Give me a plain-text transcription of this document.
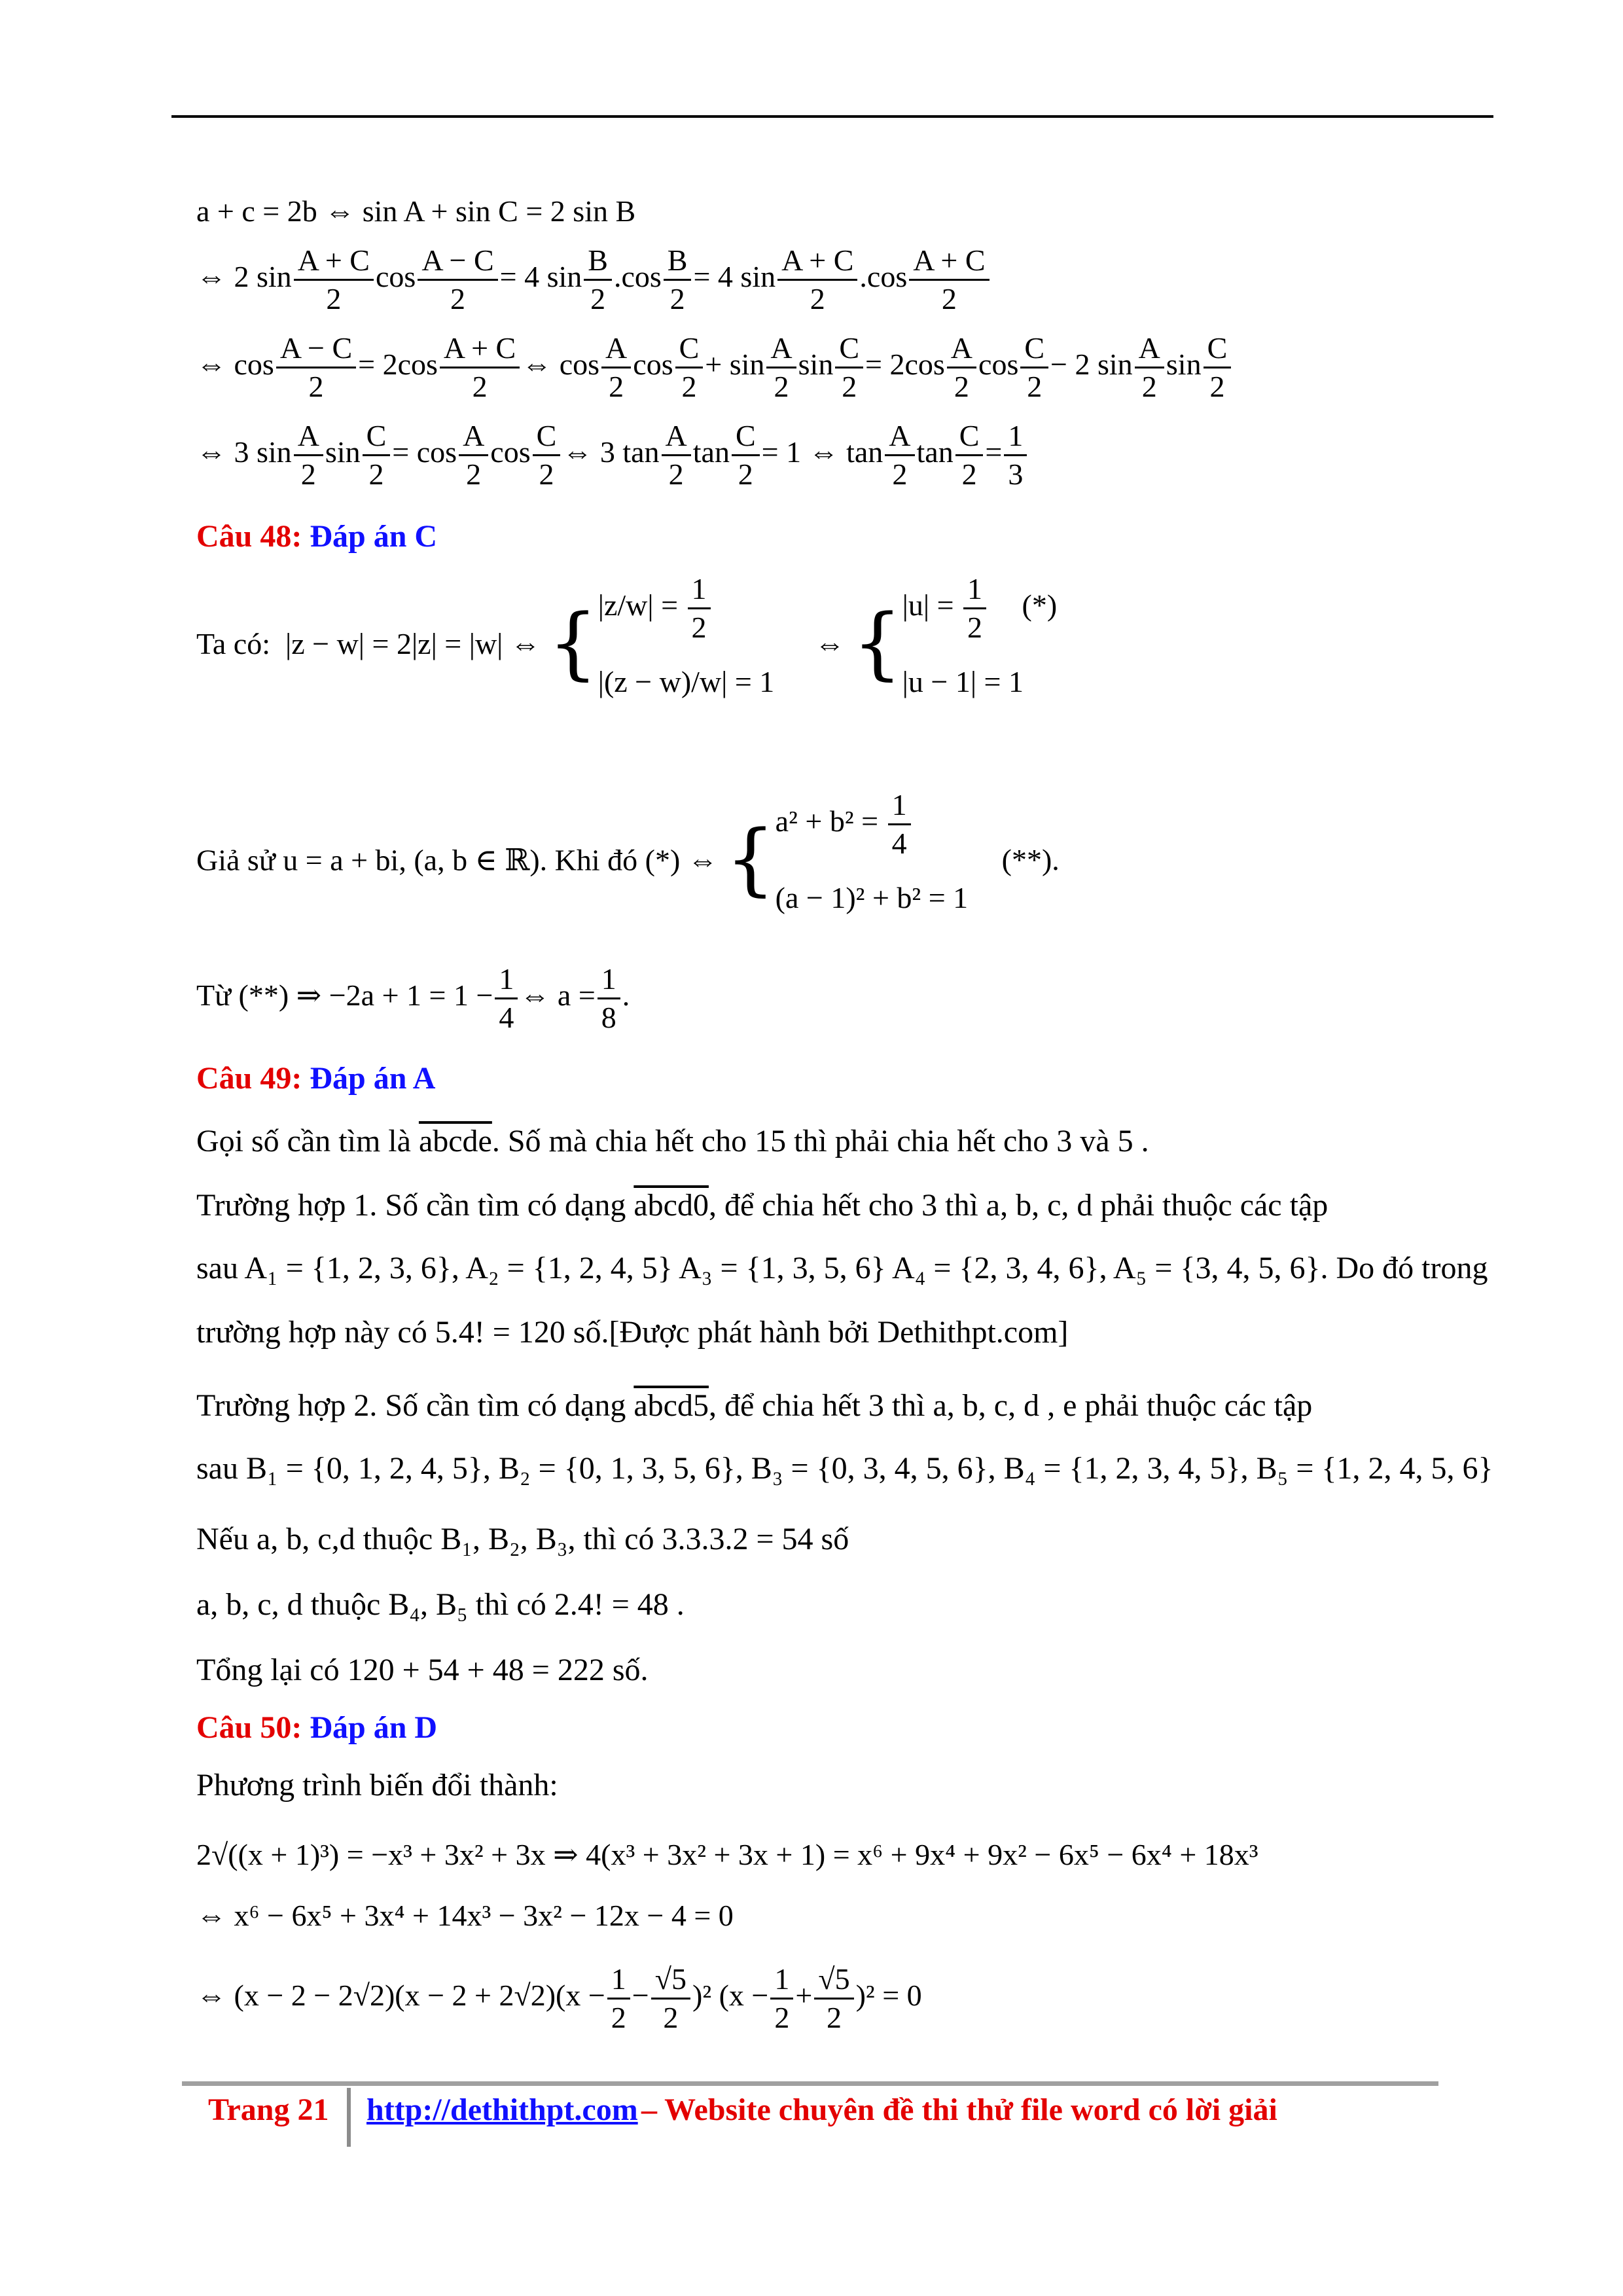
a + c = 2b ⇔ sin A + sin C = 2 sin B
⇔ 2 $\sin \frac{A + C}{2}$ $\cos \frac{A - C}{2} = 4$ $\sin \frac{B}{2} .\cos \frac{B}{2} = 4$ $\sin \frac{A + C}{2} .\cos \frac{A + C}{2}$
⇔ $\cos \frac{A - C}{2} = 2\cos \frac{A + C}{2}$ ⇔ $\cos \frac{A}{2}$ $\cos \frac{C}{2} + \sin \frac{A}{2}$ $\sin \frac{C}{2} = 2\cos \frac{A}{2}$ $\cos \frac{C}{2} - 2$ $\sin \frac{A}{2}$ $\sin \frac{C}{2}$
⇔ 3 $\sin \frac{A}{2}$ $\sin \frac{C}{2} = \cos \frac{A}{2}$ $\cos \frac{C}{2}$ ⇔ 3 $\tan \frac{A}{2}$ $\tan \frac{C}{2} = 1$ ⇔ $\tan \frac{A}{2}$ $\tan \frac{C}{2} = \frac{1}{3}$
Câu 48: Đáp án C
Ta có: |z − w| = 2|z| = |w| ⇔ { $|z/w| = \frac{1}{2}$
|(z − w)/w| = 1
⇔ { $|u| = \frac{1}{2}$ (*)
|u − 1| = 1
Giả sử u = a + bi, (a, b ∈ ℝ). Khi đó (*) ⇔ { $a^2 + b^2 = \frac{1}{4}$
(a − 1)² + b² = 1
(**).
Từ (**) ⇒ $-2a + 1 = 1 - \frac{1}{4}$ ⇔ $a = \frac{1}{8}$ .
Câu 49: Đáp án A
Gọi số cần tìm là abcde. Số mà chia hết cho 15 thì phải chia hết cho 3 và 5 .
Trường hợp 1. Số cần tìm có dạng abcd0, để chia hết cho 3 thì a, b, c, d phải thuộc các tập
sau A₁ = {1, 2, 3, 6}, A₂ = {1, 2, 4, 5} A₃ = {1, 3, 5, 6} A₄ = {2, 3, 4, 6}, A₅ = {3, 4, 5, 6}. Do đó trong
trường hợp này có 5.4! = 120 số.[Được phát hành bởi Dethithpt.com]
Trường hợp 2. Số cần tìm có dạng abcd5, để chia hết 3 thì a, b, c, d , e phải thuộc các tập
sau B₁ = {0, 1, 2, 4, 5}, B₂ = {0, 1, 3, 5, 6}, B₃ = {0, 3, 4, 5, 6}, B₄ = {1, 2, 3, 4, 5}, B₅ = {1, 2, 4, 5, 6}
Nếu a, b, c,d thuộc B₁, B₂, B₃, thì có 3.3.3.2 = 54 số
a, b, c, d thuộc B₄, B₅ thì có 2.4! = 48 .
Tổng lại có 120 + 54 + 48 = 222 số.
Câu 50: Đáp án D
Phương trình biến đổi thành:
2√((x + 1)³) = −x³ + 3x² + 3x ⇒ 4(x³ + 3x² + 3x + 1) = x⁶ + 9x⁴ + 9x² − 6x⁵ − 6x⁴ + 18x³
⇔ x⁶ − 6x⁵ + 3x⁴ + 14x³ − 3x² − 12x − 4 = 0
⇔ $(x - 2 - 2√2)(x - 2 + 2√2)(x - \frac{1}{2} - \frac{√5}{2} )^2$ $(x - \frac{1}{2} + \frac{√5}{2} )^2 = 0$
Trang 21 http://dethithpt.com – Website chuyên đề thi thử file word có lời giải
